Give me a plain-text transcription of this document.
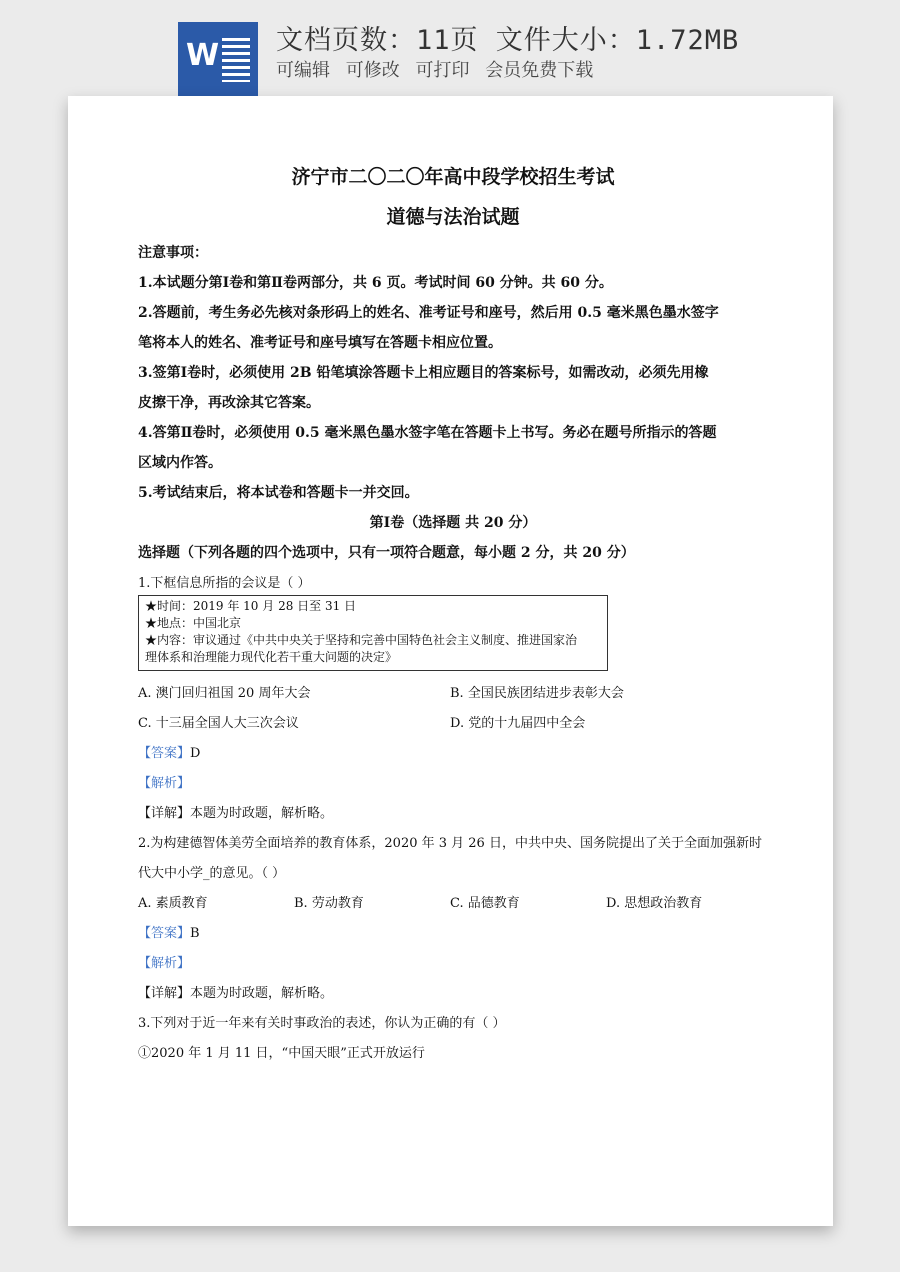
W 文档页数：11页 文件大小：1.72MB
可编辑 可修改 可打印 会员免费下载
济宁市二〇二〇年高中段学校招生考试
道德与法治试题
注意事项：
1.本试题分第Ⅰ卷和第Ⅱ卷两部分，共 6 页。考试时间 60 分钟。共 60 分。
2.答题前，考生务必先核对条形码上的姓名、准考证号和座号，然后用 0.5 毫米黑色墨水签字
笔将本人的姓名、准考证号和座号填写在答题卡相应位置。
3.签第Ⅰ卷时，必须使用 2B 铅笔填涂答题卡上相应题目的答案标号，如需改动，必须先用橡
皮擦干净，再改涂其它答案。
4.答第Ⅱ卷时，必须使用 0.5 毫米黑色墨水签字笔在答题卡上书写。务必在题号所指示的答题
区域内作答。
5.考试结束后，将本试卷和答题卡一并交回。
第Ⅰ卷（选择题 共 20 分）
选择题（下列各题的四个选项中，只有一项符合题意，每小题 2 分，共 20 分）
1.下框信息所指的会议是（ ）
★时间：2019 年 10 月 28 日至 31 日
★地点：中国北京
★内容：审议通过《中共中央关于坚持和完善中国特色社会主义制度、推进国家治
理体系和治理能力现代化若干重大问题的决定》
A. 澳门回归祖国 20 周年大会	B. 全国民族团结进步表彰大会
C. 十三届全国人大三次会议	D. 党的十九届四中全会
【答案】D
【解析】
【详解】本题为时政题，解析略。
2.为构建德智体美劳全面培养的教育体系，2020 年 3 月 26 日，中共中央、国务院提出了关于全面加强新时
代大中小学_的意见。（ ）
A. 素质教育	B. 劳动教育	C. 品德教育	D. 思想政治教育
【答案】B
【解析】
【详解】本题为时政题，解析略。
3.下列对于近一年来有关时事政治的表述，你认为正确的有（ ）
①2020 年 1 月 11 日，“中国天眼”正式开放运行
